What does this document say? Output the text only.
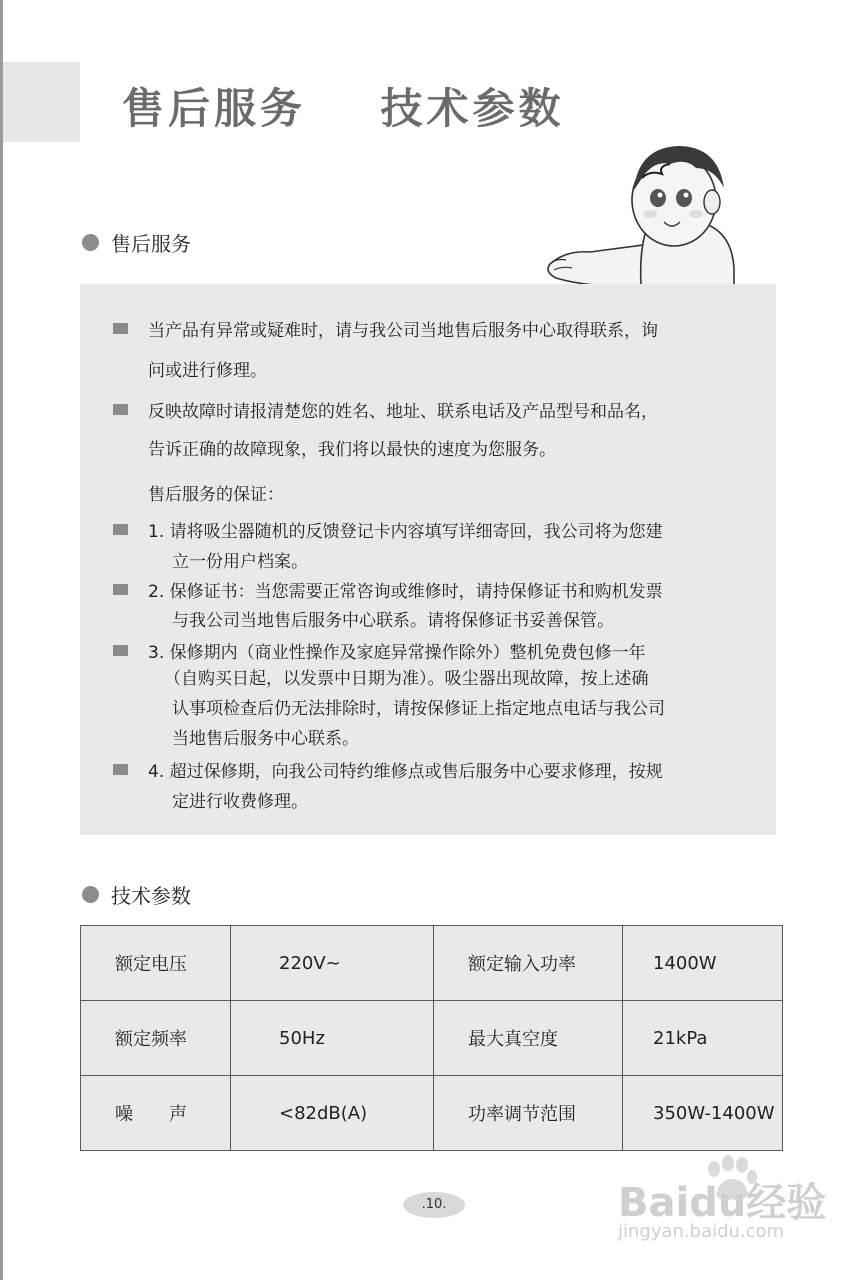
售后服务    技术参数
售后服务
当产品有异常或疑难时，请与我公司当地售后服务中心取得联系，询
问或进行修理。
反映故障时请报清楚您的姓名、地址、联系电话及产品型号和品名，
告诉正确的故障现象，我们将以最快的速度为您服务。
售后服务的保证：
1. 请将吸尘器随机的反馈登记卡内容填写详细寄回，我公司将为您建
立一份用户档案。
2. 保修证书：当您需要正常咨询或维修时，请持保修证书和购机发票
与我公司当地售后服务中心联系。请将保修证书妥善保管。
3. 保修期内（商业性操作及家庭异常操作除外）整机免费包修一年
（自购买日起，以发票中日期为准）。吸尘器出现故障，按上述确
认事项检查后仍无法排除时，请按保修证上指定地点电话与我公司
当地售后服务中心联系。
4. 超过保修期，向我公司特约维修点或售后服务中心要求修理，按规
定进行收费修理。
技术参数
额定电压	220V~	额定输入功率	1400W
额定频率	50Hz	最大真空度	21kPa
噪　　声	<82dB(A)	功率调节范围	350W-1400W
.10.	Baidu经验
jingyan.baidu.com
